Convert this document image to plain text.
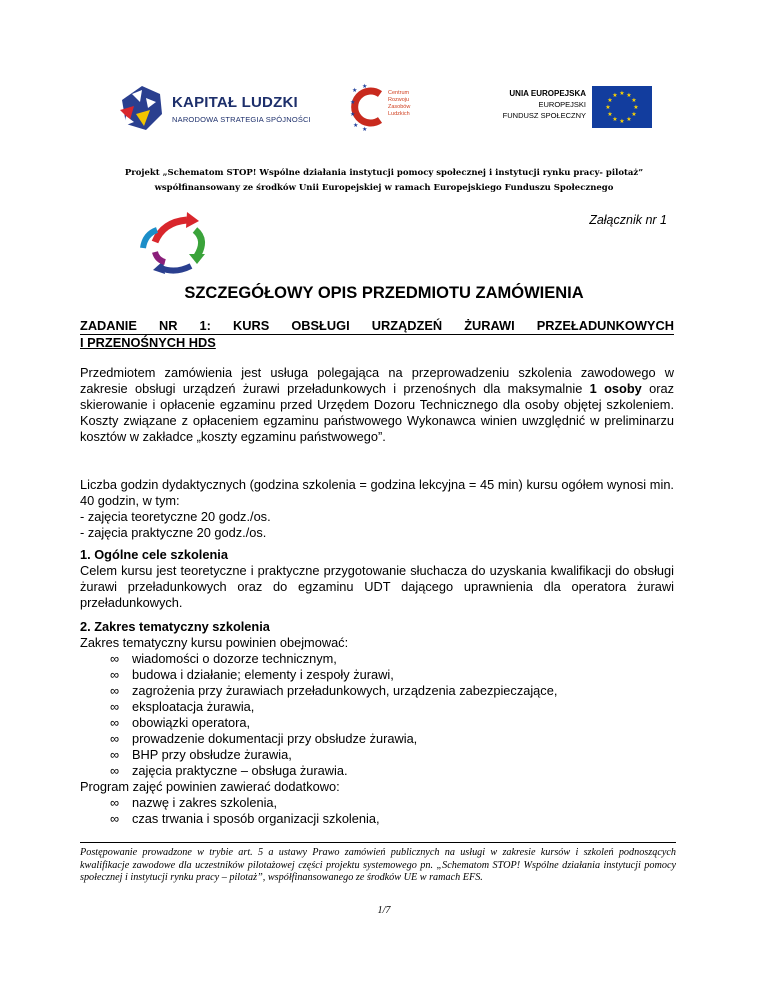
KAPITAŁ LUDZKI
NARODOWA STRATEGIA SPÓJNOŚCI
★
★
★
★
★
★
Centrum
Rozwoju
Zasobów
Ludzkich
UNIA EUROPEJSKA
EUROPEJSKI
FUNDUSZ SPOŁECZNY
★ ★
★
★
★
★
★
★
★
★
★
★
Projekt „Schematom STOP! Wspólne działania instytucji pomocy społecznej i instytucji rynku pracy- pilotaż”
współfinansowany ze środków Unii Europejskiej w ramach Europejskiego Funduszu Społecznego
Załącznik nr 1
SZCZEGÓŁOWY OPIS PRZEDMIOTU ZAMÓWIENIA
ZADANIE NR 1: KURS OBSŁUGI URZĄDZEŃ ŻURAWI PRZEŁADUNKOWYCH
I PRZENOŚNYCH HDS

Przedmiotem zamówienia jest usługa polegająca na przeprowadzeniu szkolenia zawodowego w zakresie obsługi urządzeń żurawi przeładunkowych i przenośnych dla maksymalnie 1 osoby oraz skierowanie i opłacenie egzaminu przed Urzędem Dozoru Technicznego dla osoby objętej szkoleniem. Koszty związane z opłaceniem egzaminu państwowego Wykonawca winien uwzględnić w preliminarzu kosztów w zakładce „koszty egzaminu państwowego”.

Liczba godzin dydaktycznych (godzina szkolenia = godzina lekcyjna = 45 min) kursu ogółem wynosi min. 40 godzin, w tym:

- zajęcia teoretyczne 20 godz./os.

- zajęcia praktyczne 20 godz./os.

1. Ogólne cele szkolenia

Celem kursu jest teoretyczne i praktyczne przygotowanie słuchacza do uzyskania kwalifikacji do obsługi żurawi przeładunkowych oraz do egzaminu UDT dającego uprawnienia dla operatora żurawi przeładunkowych.

2. Zakres tematyczny szkolenia

Zakres tematyczny kursu powinien obejmować:

∞ wiadomości o dozorze technicznym,
∞ budowa i działanie; elementy i zespoły żurawi,
∞ zagrożenia przy żurawiach przeładunkowych, urządzenia zabezpieczające,
∞ eksploatacja żurawia,
∞ obowiązki operatora,
∞ prowadzenie dokumentacji przy obsłudze żurawia,
∞ BHP przy obsłudze żurawia,
∞ zajęcia praktyczne – obsługa żurawia.

Program zajęć powinien zawierać dodatkowo:

∞ nazwę i zakres szkolenia,
∞ czas trwania i sposób organizacji szkolenia,
Postępowanie prowadzone w trybie art. 5 a ustawy Prawo zamówień publicznych na usługi w zakresie kursów i szkoleń podnoszących kwalifikacje zawodowe dla uczestników pilotażowej części projektu systemowego pn. „Schematom STOP! Wspólne działania instytucji pomocy społecznej i instytucji rynku pracy – pilotaż”, współfinansowanego ze środków UE w ramach EFS.
1/7
